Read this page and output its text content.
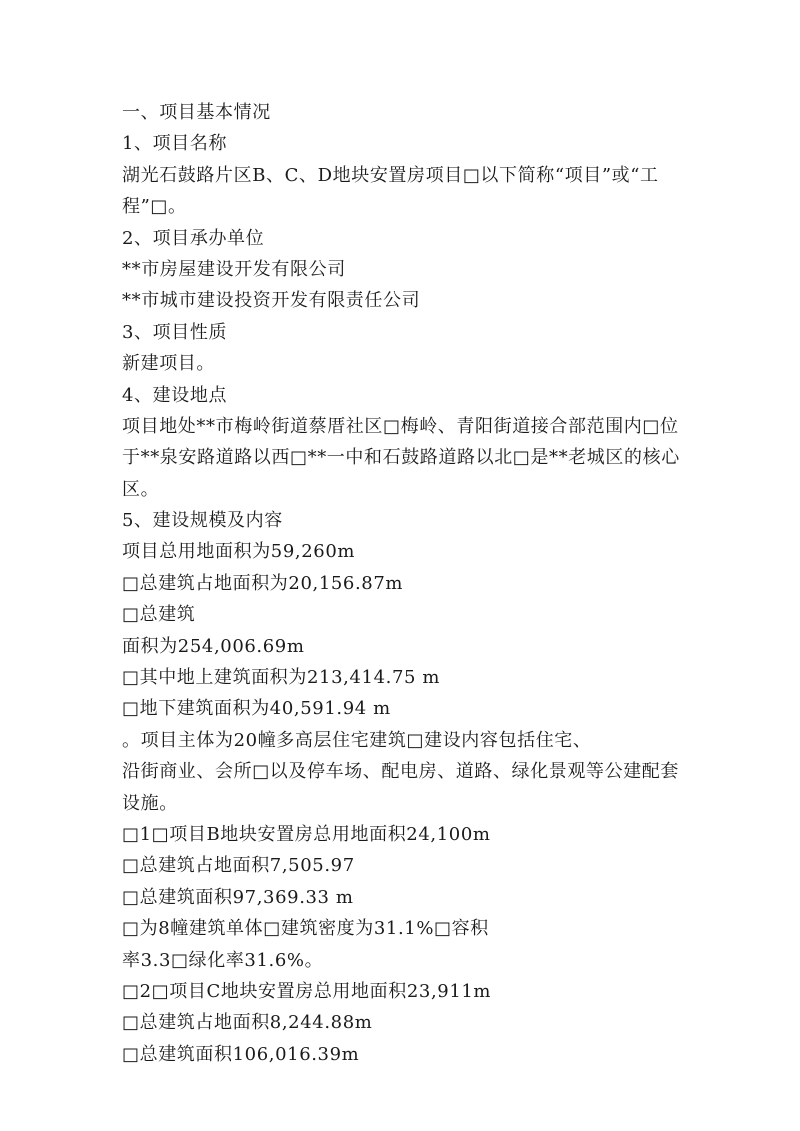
一、项目基本情况
1、项目名称
湖光石鼓路片区B、C、D地块安置房项目□以下简称“项目”或“工
程”□。
2、项目承办单位
**市房屋建设开发有限公司
**市城市建设投资开发有限责任公司
3、项目性质
新建项目。
4、建设地点
项目地处**市梅岭街道蔡厝社区□梅岭、青阳街道接合部范围内□位
于**泉安路道路以西□**一中和石鼓路道路以北□是**老城区的核心
区。
5、建设规模及内容
项目总用地面积为59,260m
□总建筑占地面积为20,156.87m
□总建筑
面积为254,006.69m
□其中地上建筑面积为213,414.75 m
□地下建筑面积为40,591.94 m
。项目主体为20幢多高层住宅建筑□建设内容包括住宅、
沿街商业、会所□以及停车场、配电房、道路、绿化景观等公建配套
设施。
□1□项目B地块安置房总用地面积24,100m
□总建筑占地面积7,505.97
□总建筑面积97,369.33 m
□为8幢建筑单体□建筑密度为31.1%□容积
率3.3□绿化率31.6%。
□2□项目C地块安置房总用地面积23,911m
□总建筑占地面积8,244.88m
□总建筑面积106,016.39m
